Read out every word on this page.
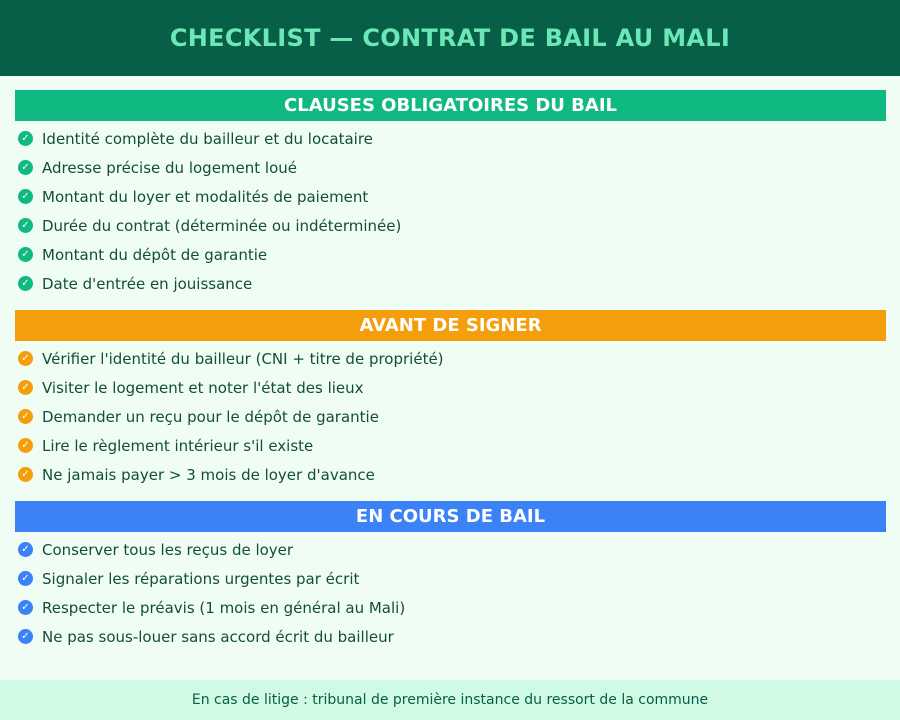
CHECKLIST — CONTRAT DE BAIL AU MALI
CLAUSES OBLIGATOIRES DU BAIL
✓ Identité complète du bailleur et du locataire
✓ Adresse précise du logement loué
✓ Montant du loyer et modalités de paiement
✓ Durée du contrat (déterminée ou indéterminée)
✓ Montant du dépôt de garantie
✓ Date d'entrée en jouissance
AVANT DE SIGNER
✓ Vérifier l'identité du bailleur (CNI + titre de propriété)
✓ Visiter le logement et noter l'état des lieux
✓ Demander un reçu pour le dépôt de garantie
✓ Lire le règlement intérieur s'il existe
✓ Ne jamais payer > 3 mois de loyer d'avance
EN COURS DE BAIL
✓ Conserver tous les reçus de loyer
✓ Signaler les réparations urgentes par écrit
✓ Respecter le préavis (1 mois en général au Mali)
✓ Ne pas sous-louer sans accord écrit du bailleur
En cas de litige : tribunal de première instance du ressort de la commune
